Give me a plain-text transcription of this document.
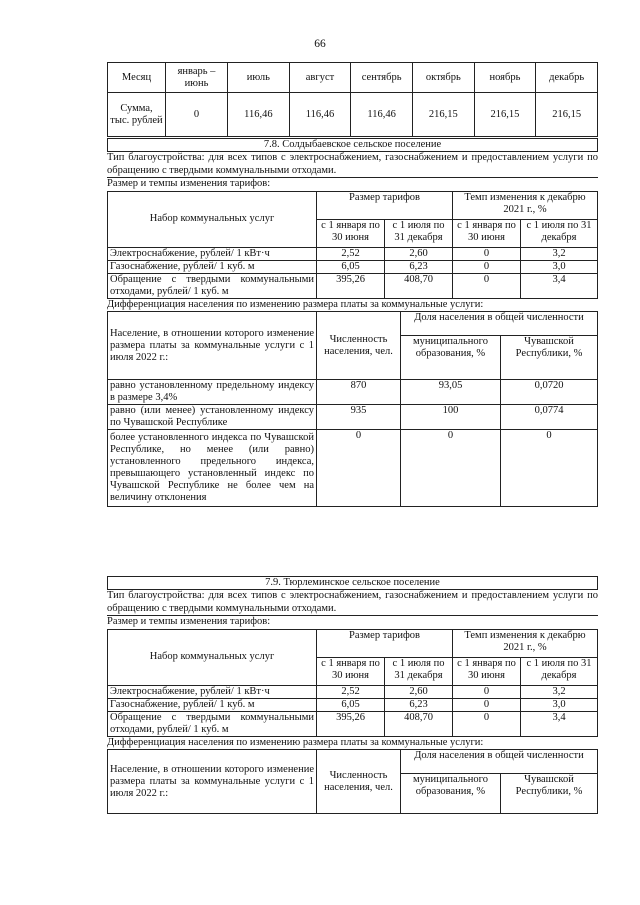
66
Месяц	январь – июнь	июль	август	сентябрь	октябрь	ноябрь	декабрь
Сумма, тыс. рублей	0	116,46	116,46	116,46	216,15	216,15	216,15
7.8. Солдыбаевское сельское поселение
Тип благоустройства: для всех типов с электроснабжением, газоснабжением и предоставлением услуги по обращению с твердыми коммунальными отходами.
Размер и темпы изменения тарифов:
Набор коммунальных услуг	Размер тарифов		Темп изменения к декабрю 2021 г., %	
	с 1 января по 30 июня	с 1 июля по 31 декабря	с 1 января по 30 июня	с 1 июля по 31 декабря
Электроснабжение, рублей/ 1 кВт·ч	2,52	2,60	0	3,2
Газоснабжение, рублей/ 1 куб. м	6,05	6,23	0	3,0
Обращение с твердыми коммунальными отходами, рублей/ 1 куб. м	395,26	408,70	0	3,4
Дифференциация населения по изменению размера платы за коммунальные услуги:
Население, в отношении которого изменение размера платы за коммунальные услуги с 1 июля 2022 г.:	Численность населения, чел.	Доля населения в общей численности	
		муниципального образования, %	Чувашской Республики, %
равно установленному предельному индексу в размере 3,4%	870	93,05	0,0720
равно (или менее) установленному индексу по Чувашской Республике	935	100	0,0774
более установленного индекса по Чувашской Республике, но менее (или равно) установленного предельного индекса, превышающего установленный индекс по Чувашской Республике не более чем на величину отклонения	0	0	0
7.9. Тюрлеминское сельское поселение
Тип благоустройства: для всех типов с электроснабжением, газоснабжением и предоставлением услуги по обращению с твердыми коммунальными отходами.
Размер и темпы изменения тарифов:
Набор коммунальных услуг	Размер тарифов		Темп изменения к декабрю 2021 г., %	
	с 1 января по 30 июня	с 1 июля по 31 декабря	с 1 января по 30 июня	с 1 июля по 31 декабря
Электроснабжение, рублей/ 1 кВт·ч	2,52	2,60	0	3,2
Газоснабжение, рублей/ 1 куб. м	6,05	6,23	0	3,0
Обращение с твердыми коммунальными отходами, рублей/ 1 куб. м	395,26	408,70	0	3,4
Дифференциация населения по изменению размера платы за коммунальные услуги:
Население, в отношении которого изменение размера платы за коммунальные услуги с 1 июля 2022 г.:	Численность населения, чел.	Доля населения в общей численности	
		муниципального образования, %	Чувашской Республики, %
